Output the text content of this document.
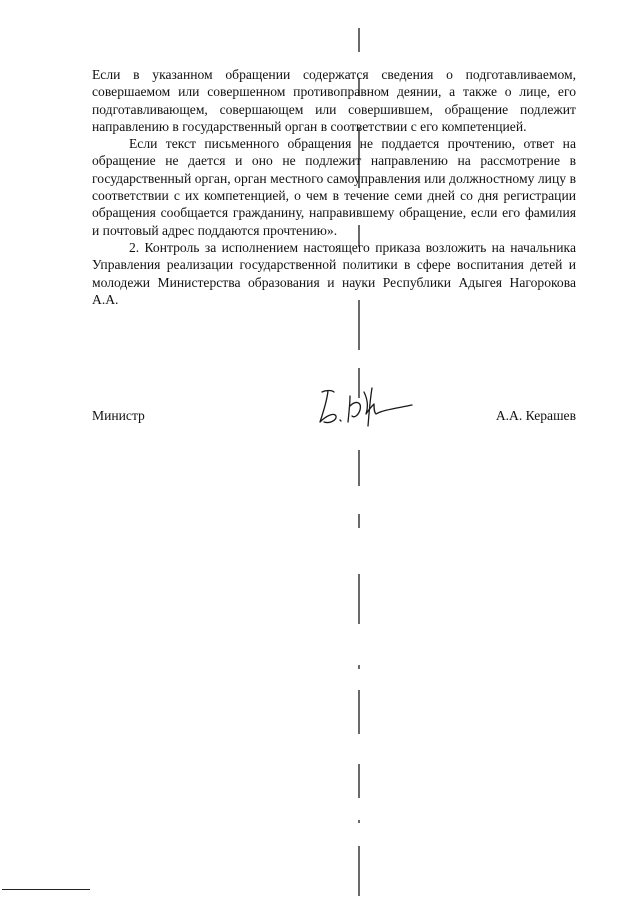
Если в указанном обращении содержатся сведения о подготавливаемом, совершаемом или совершенном противоправном деянии, а также о лице, его подготавливающем, совершающем или совершившем, обращение подлежит направлению в государственный орган в соответствии с его компетенцией.

Если текст письменного обращения не поддается прочтению, ответ на обращение не дается и оно не подлежит направлению на рассмотрение в государственный орган, орган местного самоуправления или должностному лицу в соответствии с их компетенцией, о чем в течение семи дней со дня регистрации обращения сообщается гражданину, направившему обращение, если его фамилия и почтовый адрес поддаются прочтению».

2. Контроль за исполнением настоящего приказа возложить на начальника Управления реализации государственной политики в сфере воспитания детей и молодежи Министерства образования и науки Республики Адыгея Нагорокова А.А.

Министр	А.А. Керашев
